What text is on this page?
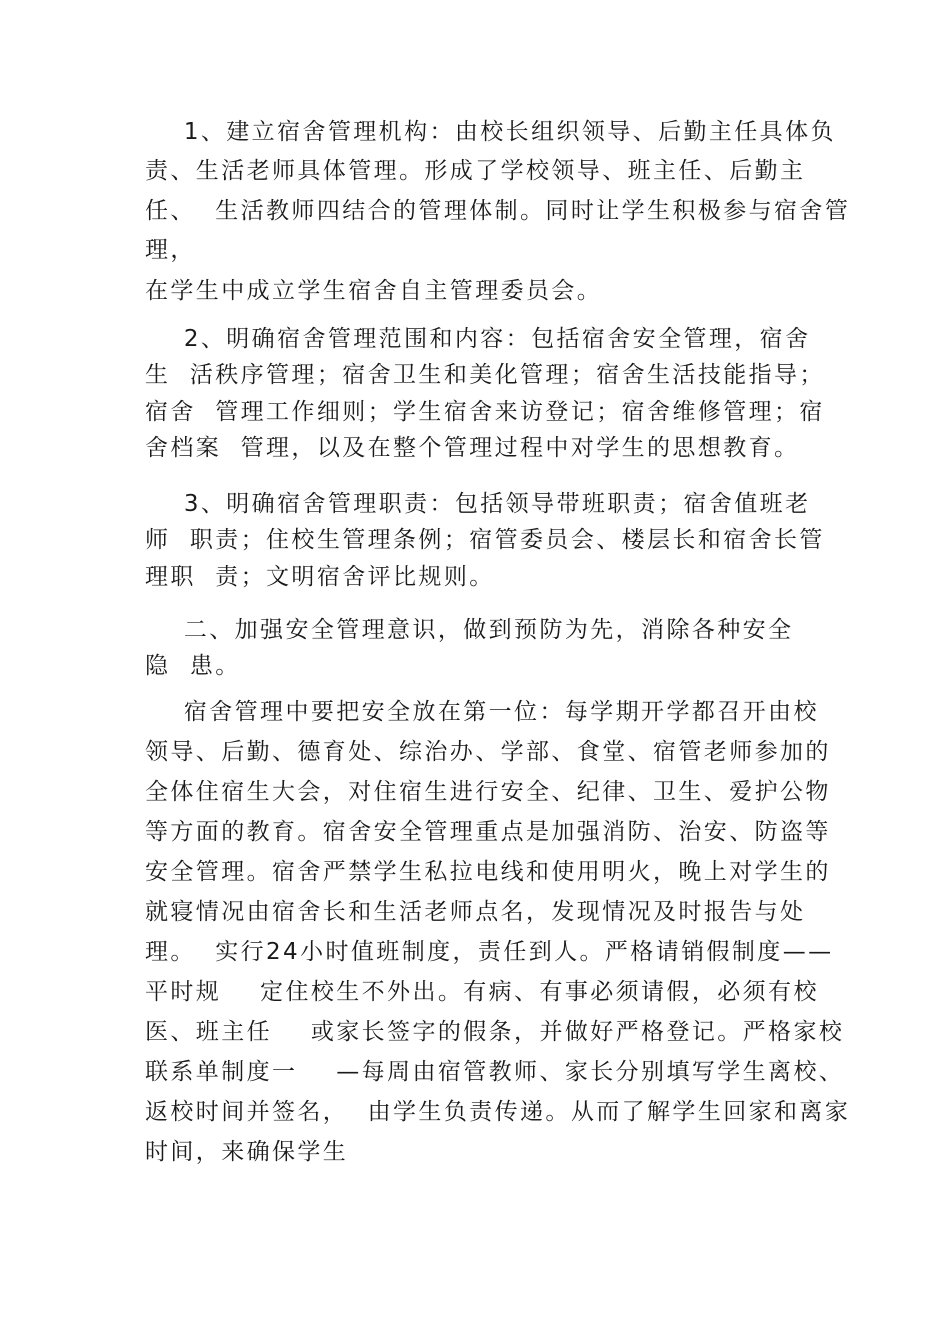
1、建立宿舍管理机构：由校长组织领导、后勤主任具体负
责、生活老师具体管理。形成了学校领导、班主任、后勤主
任、  生活教师四结合的管理体制。同时让学生积极参与宿舍管
理，
在学生中成立学生宿舍自主管理委员会。
2、明确宿舍管理范围和内容：包括宿舍安全管理，宿舍
生  活秩序管理；宿舍卫生和美化管理；宿舍生活技能指导；
宿舍  管理工作细则；学生宿舍来访登记；宿舍维修管理；宿
舍档案  管理，以及在整个管理过程中对学生的思想教育。
3、明确宿舍管理职责：包括领导带班职责；宿舍值班老
师  职责；住校生管理条例；宿管委员会、楼层长和宿舍长管
理职  责；文明宿舍评比规则。
二、加强安全管理意识，做到预防为先，消除各种安全
隐  患。
宿舍管理中要把安全放在第一位：每学期开学都召开由校
领导、后勤、德育处、综治办、学部、食堂、宿管老师参加的
全体住宿生大会，对住宿生进行安全、纪律、卫生、爱护公物
等方面的教育。宿舍安全管理重点是加强消防、治安、防盗等
安全管理。宿舍严禁学生私拉电线和使用明火，晚上对学生的
就寝情况由宿舍长和生活老师点名，发现情况及时报告与处
理。  实行24小时值班制度，责任到人。严格请销假制度——
平时规    定住校生不外出。有病、有事必须请假，必须有校
医、班主任    或家长签字的假条，并做好严格登记。严格家校
联系单制度一    —每周由宿管教师、家长分别填写学生离校、
返校时间并签名，  由学生负责传递。从而了解学生回家和离家
时间，来确保学生
